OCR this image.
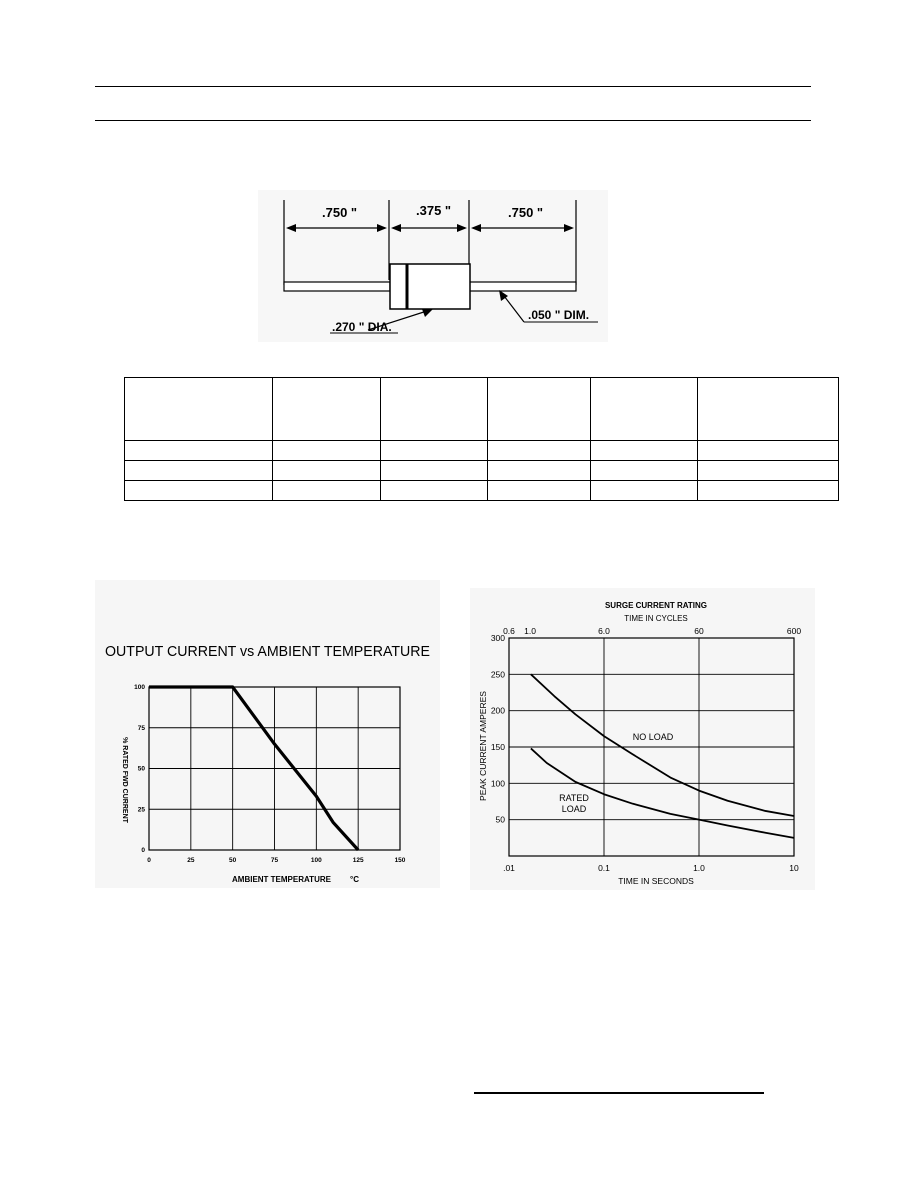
.750 "	.375 "	.750 "
.270 " DIA.
.050 " DIM.

OUTPUT CURRENT vs AMBIENT TEMPERATURE
0	25	50	75	100	125	150
0
25
50
75
100
AMBIENT TEMPERATURE °C
% RATED FWD CURRENT
SURGE CURRENT RATING
TIME IN CYCLES
.01	0.1	1.0	10
50
100
150
200
250
300
0.6 1.0	6.0	60	600
TIME IN SECONDS
PEAK CURRENT AMPERES	NO LOAD
RATED
LOAD
